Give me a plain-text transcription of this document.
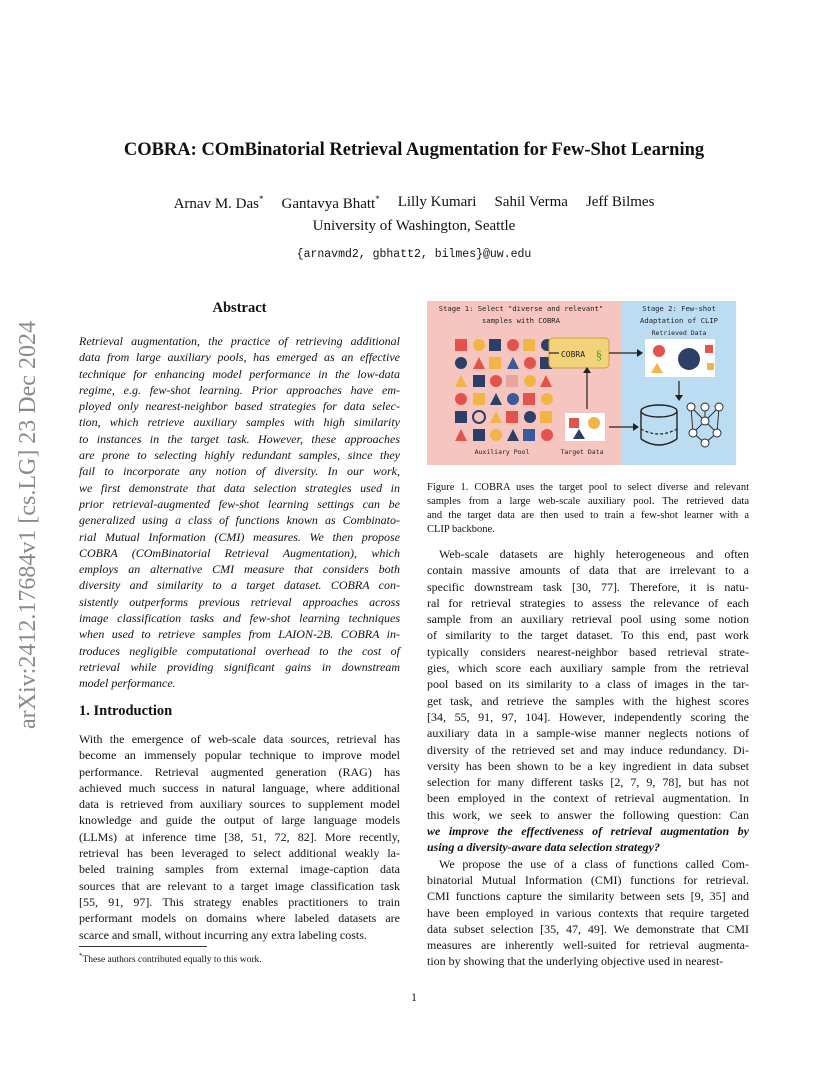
arXiv:2412.17684v1 [cs.LG] 23 Dec 2024
COBRA: COmBinatorial Retrieval Augmentation for Few-Shot Learning
Arnav M. Das* Gantavya Bhatt* Lilly Kumari Sahil Verma Jeff Bilmes
University of Washington, Seattle
{arnavmd2, gbhatt2, bilmes}@uw.edu
Abstract
Retrieval augmentation, the practice of retrieving additional
data from large auxiliary pools, has emerged as an effective
technique for enhancing model performance in the low-data
regime, e.g. few-shot learning. Prior approaches have em-
ployed only nearest-neighbor based strategies for data selec-
tion, which retrieve auxiliary samples with high similarity
to instances in the target task. However, these approaches
are prone to selecting highly redundant samples, since they
fail to incorporate any notion of diversity. In our work,
we first demonstrate that data selection strategies used in
prior retrieval-augmented few-shot learning settings can be
generalized using a class of functions known as Combinato-
rial Mutual Information (CMI) measures. We then propose
COBRA (COmBinatorial Retrieval Augmentation), which
employs an alternative CMI measure that considers both
diversity and similarity to a target dataset. COBRA con-
sistently outperforms previous retrieval approaches across
image classification tasks and few-shot learning techniques
when used to retrieve samples from LAION-2B. COBRA in-
troduces negligible computational overhead to the cost of
retrieval while providing significant gains in downstream
model performance.
1. Introduction
With the emergence of web-scale data sources, retrieval has
become an immensely popular technique to improve model
performance. Retrieval augmented generation (RAG) has
achieved much success in natural language, where additional
data is retrieved from auxiliary sources to supplement model
knowledge and guide the output of large language models
(LLMs) at inference time [38, 51, 72, 82]. More recently,
retrieval has been leveraged to select additional weakly la-
beled training samples from external image-caption data
sources that are relevant to a target image classification task
[55, 91, 97]. This strategy enables practitioners to train
performant models on domains where labeled datasets are
scarce and small, without incurring any extra labeling costs.
*These authors contributed equally to this work.
Stage 1: Select "diverse and relevant"
samples with COBRA
Stage 2: Few-shot
Adaptation of CLIP
Retrieved Data
Auxiliary Pool
COBRA §
Target Data
Figure 1. COBRA uses the target pool to select diverse and relevant
samples from a large web-scale auxiliary pool. The retrieved data
and the target data are then used to train a few-shot learner with a
CLIP backbone.
Web-scale datasets are highly heterogeneous and often
contain massive amounts of data that are irrelevant to a
specific downstream task [30, 77]. Therefore, it is natu-
ral for retrieval strategies to assess the relevance of each
sample from an auxiliary retrieval pool using some notion
of similarity to the target dataset. To this end, past work
typically considers nearest-neighbor based retrieval strate-
gies, which score each auxiliary sample from the retrieval
pool based on its similarity to a class of images in the tar-
get task, and retrieve the samples with the highest scores
[34, 55, 91, 97, 104]. However, independently scoring the
auxiliary data in a sample-wise manner neglects notions of
diversity of the retrieved set and may induce redundancy. Di-
versity has been shown to be a key ingredient in data subset
selection for many different tasks [2, 7, 9, 78], but has not
been employed in the context of retrieval augmentation. In
this work, we seek to answer the following question: Can
we improve the effectiveness of retrieval augmentation by
using a diversity-aware data selection strategy?
We propose the use of a class of functions called Com-
binatorial Mutual Information (CMI) functions for retrieval.
CMI functions capture the similarity between sets [9, 35] and
have been employed in various contexts that require targeted
data subset selection [35, 47, 49]. We demonstrate that CMI
measures are inherently well-suited for retrieval augmenta-
tion by showing that the underlying objective used in nearest-
1
